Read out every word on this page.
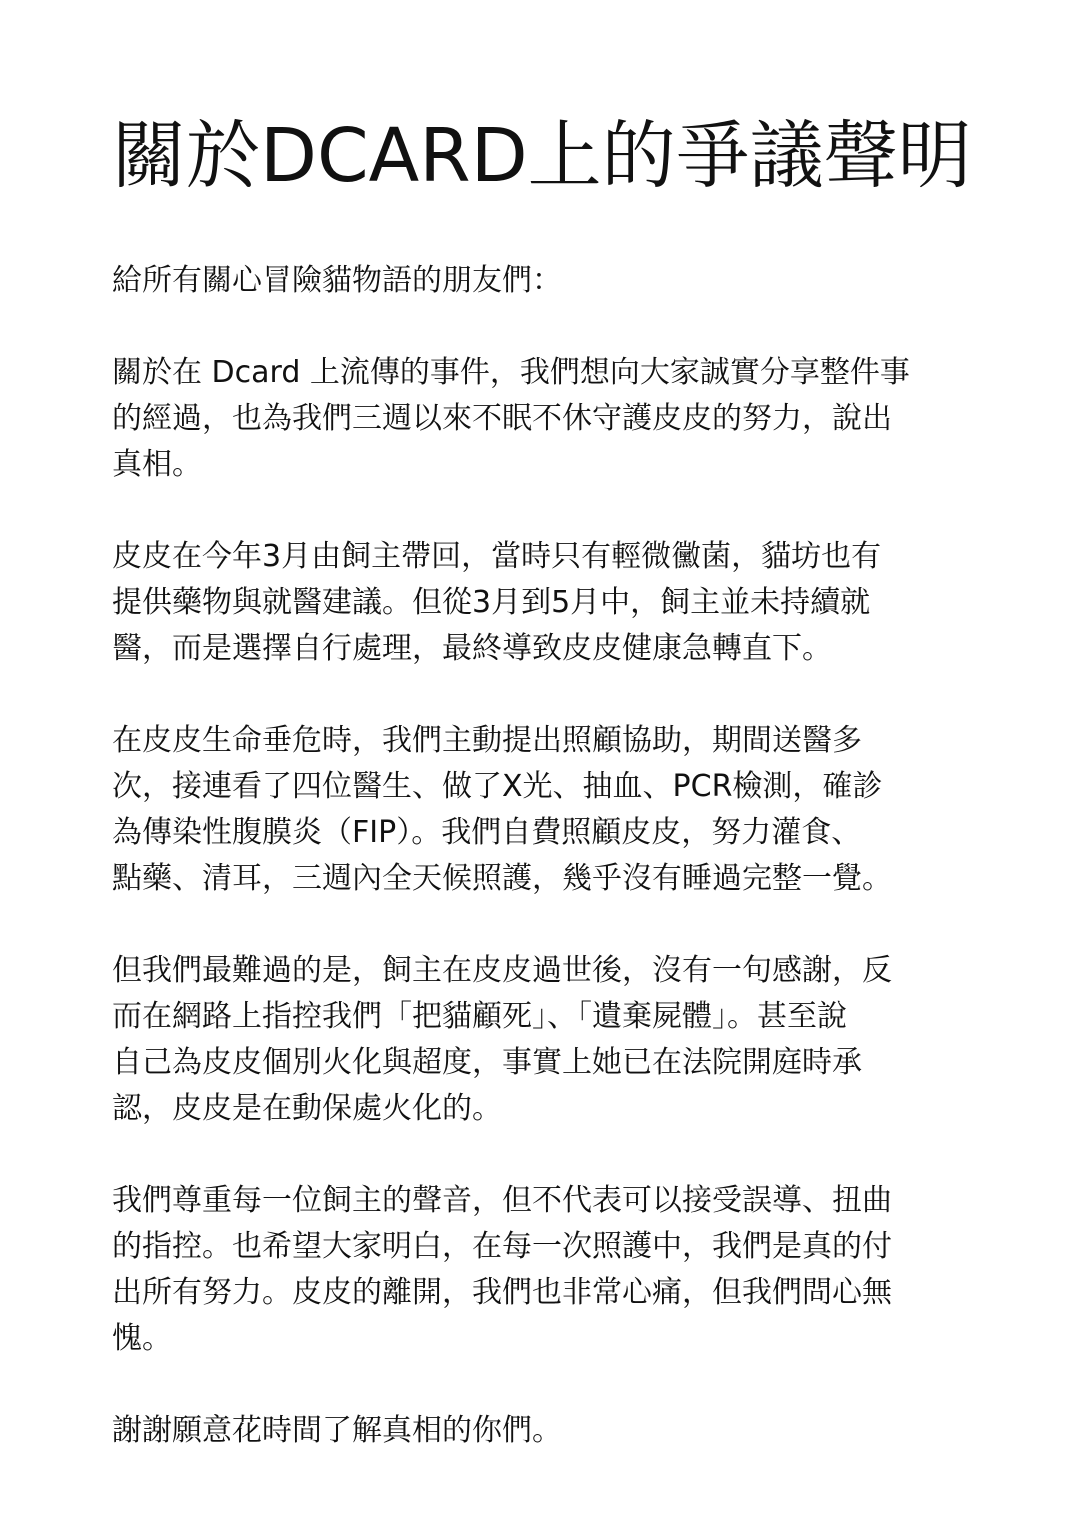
關於DCARD上的爭議聲明

給所有關心冒險貓物語的朋友們：

關於在 Dcard 上流傳的事件，我們想向大家誠實分享整件事
的經過，也為我們三週以來不眠不休守護皮皮的努力，說出
真相。

皮皮在今年3月由飼主帶回，當時只有輕微黴菌，貓坊也有
提供藥物與就醫建議。但從3月到5月中，飼主並未持續就
醫，而是選擇自行處理，最終導致皮皮健康急轉直下。

在皮皮生命垂危時，我們主動提出照顧協助，期間送醫多
次，接連看了四位醫生、做了X光、抽血、PCR檢測，確診
為傳染性腹膜炎（FIP）。我們自費照顧皮皮，努力灌食、
點藥、清耳，三週內全天候照護，幾乎沒有睡過完整一覺。

但我們最難過的是，飼主在皮皮過世後，沒有一句感謝，反
而在網路上指控我們「把貓顧死」、「遺棄屍體」。甚至說
自己為皮皮個別火化與超度，事實上她已在法院開庭時承
認，皮皮是在動保處火化的。

我們尊重每一位飼主的聲音，但不代表可以接受誤導、扭曲
的指控。也希望大家明白，在每一次照護中，我們是真的付
出所有努力。皮皮的離開，我們也非常心痛，但我們問心無
愧。

謝謝願意花時間了解真相的你們。
